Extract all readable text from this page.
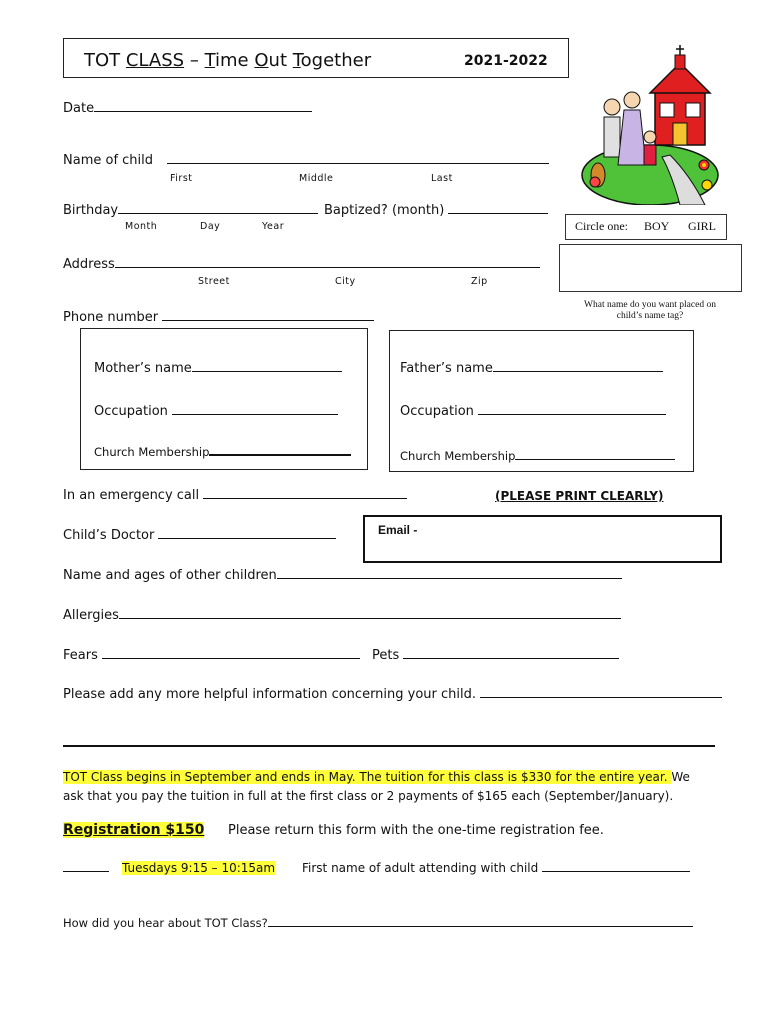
TOT CLASS – Time Out Together	2021-2022
Date
Name of child
First	Middle	Last
Birthday	Baptized? (month)
Month	Day	Year	Circle one: BOY GIRL
What name do you want placed on
child’s name tag?
Address
Street	City	Zip
Phone number
Mother’s name
Occupation
Church Membership
Father’s name
Occupation
Church Membership
In an emergency call	(PLEASE PRINT CLEARLY)
Email -
Child’s Doctor
Name and ages of other children
Allergies
Fears	Pets
Please add any more helpful information concerning your child.
TOT Class begins in September and ends in May. The tuition for this class is $330 for the entire year. We
ask that you pay the tuition in full at the first class or 2 payments of $165 each (September/January).
Registration $150 Please return this form with the one-time registration fee.
Tuesdays 9:15 – 10:15am First name of adult attending with child
How did you hear about TOT Class?
